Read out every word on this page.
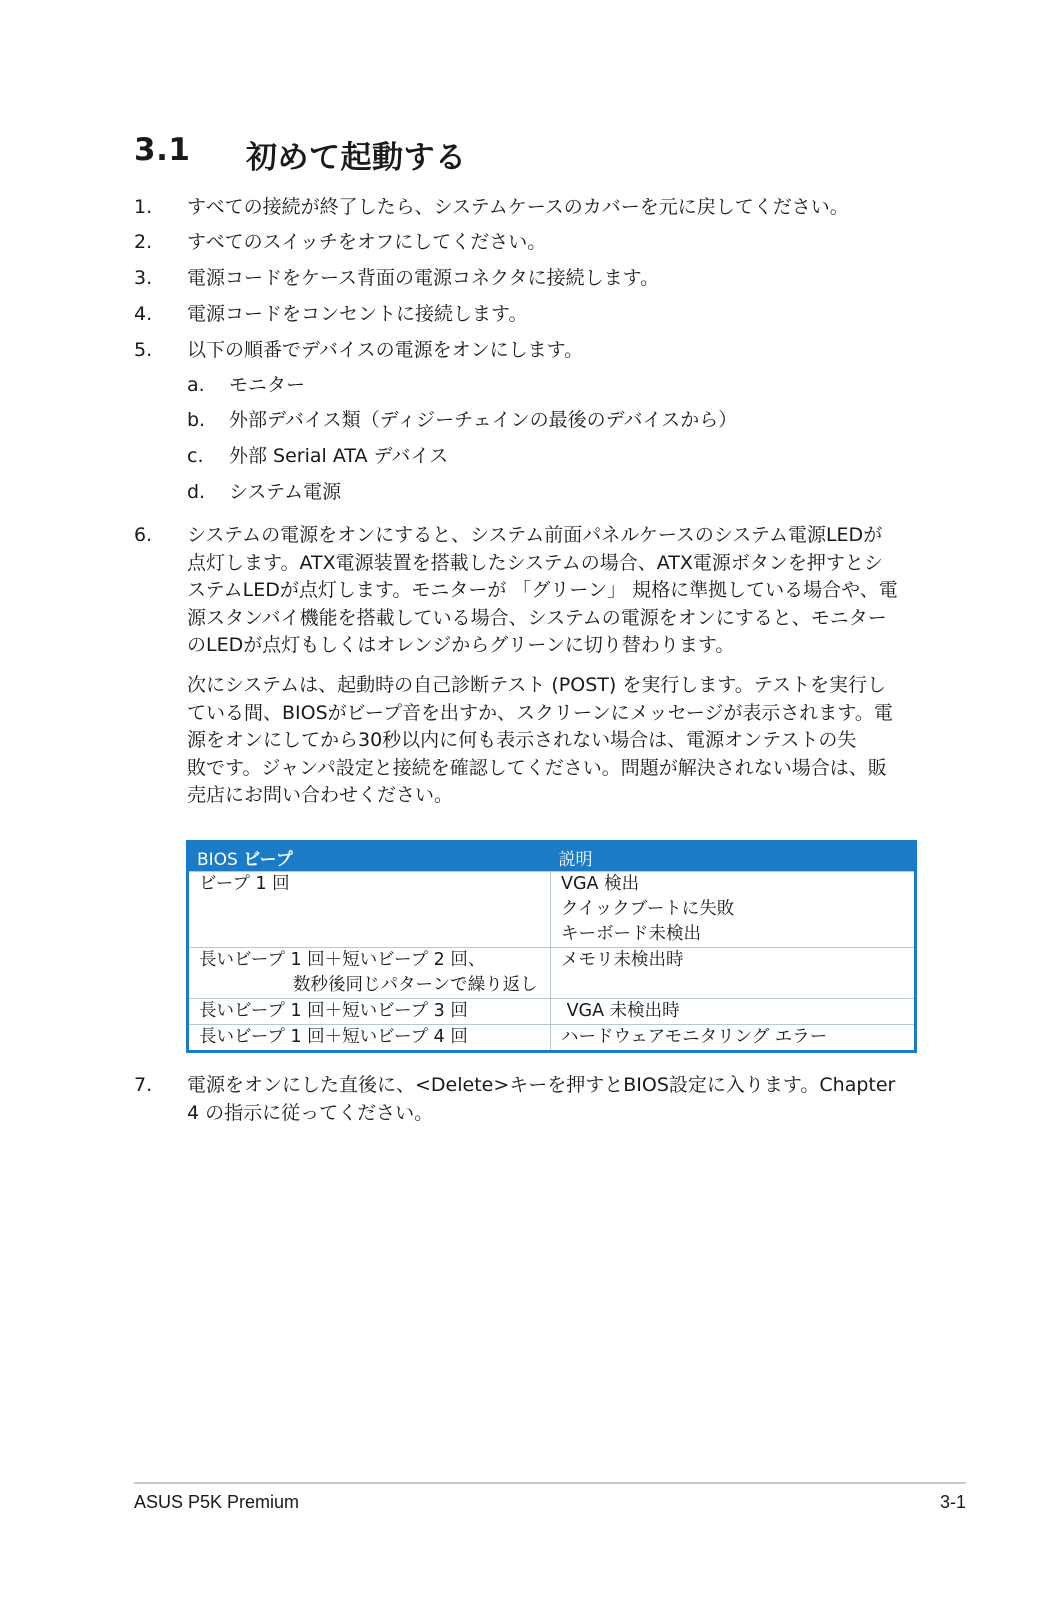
3.1 初めて起動する
1. すべての接続が終了したら、システムケースのカバーを元に戻してください。
2. すべてのスイッチをオフにしてください。
3. 電源コードをケース背面の電源コネクタに接続します。
4. 電源コードをコンセントに接続します。
5. 以下の順番でデバイスの電源をオンにします。
a. モニター
b. 外部デバイス類（ディジーチェインの最後のデバイスから）
c. 外部 Serial ATA デバイス
d. システム電源
6. システムの電源をオンにすると、システム前面パネルケースのシステム電源LEDが
点灯します。ATX電源装置を搭載したシステムの場合、ATX電源ボタンを押すとシ
ステムLEDが点灯します。モニターが 「グリーン」 規格に準拠している場合や、電
源スタンバイ機能を搭載している場合、システムの電源をオンにすると、モニター
のLEDが点灯もしくはオレンジからグリーンに切り替わります。
次にシステムは、起動時の自己診断テスト (POST) を実行します。テストを実行し
ている間、BIOSがビープ音を出すか、スクリーンにメッセージが表示されます。電
源をオンにしてから30秒以内に何も表示されない場合は、電源オンテストの失
敗です。ジャンパ設定と接続を確認してください。問題が解決されない場合は、販
売店にお問い合わせください。
BIOS ビープ	説明

ビープ 1 回	VGA 検出
クイックブートに失敗
キーボード未検出

長いビープ 1 回＋短いビープ 2 回、
数秒後同じパターンで繰り返し	メモリ未検出時

長いビープ 1 回＋短いビープ 3 回	VGA 未検出時

長いビープ 1 回＋短いビープ 4 回	ハードウェアモニタリング エラー
7. 電源をオンにした直後に、<Delete>キーを押すとBIOS設定に入ります。Chapter
4 の指示に従ってください。
ASUS P5K Premium	3-1
